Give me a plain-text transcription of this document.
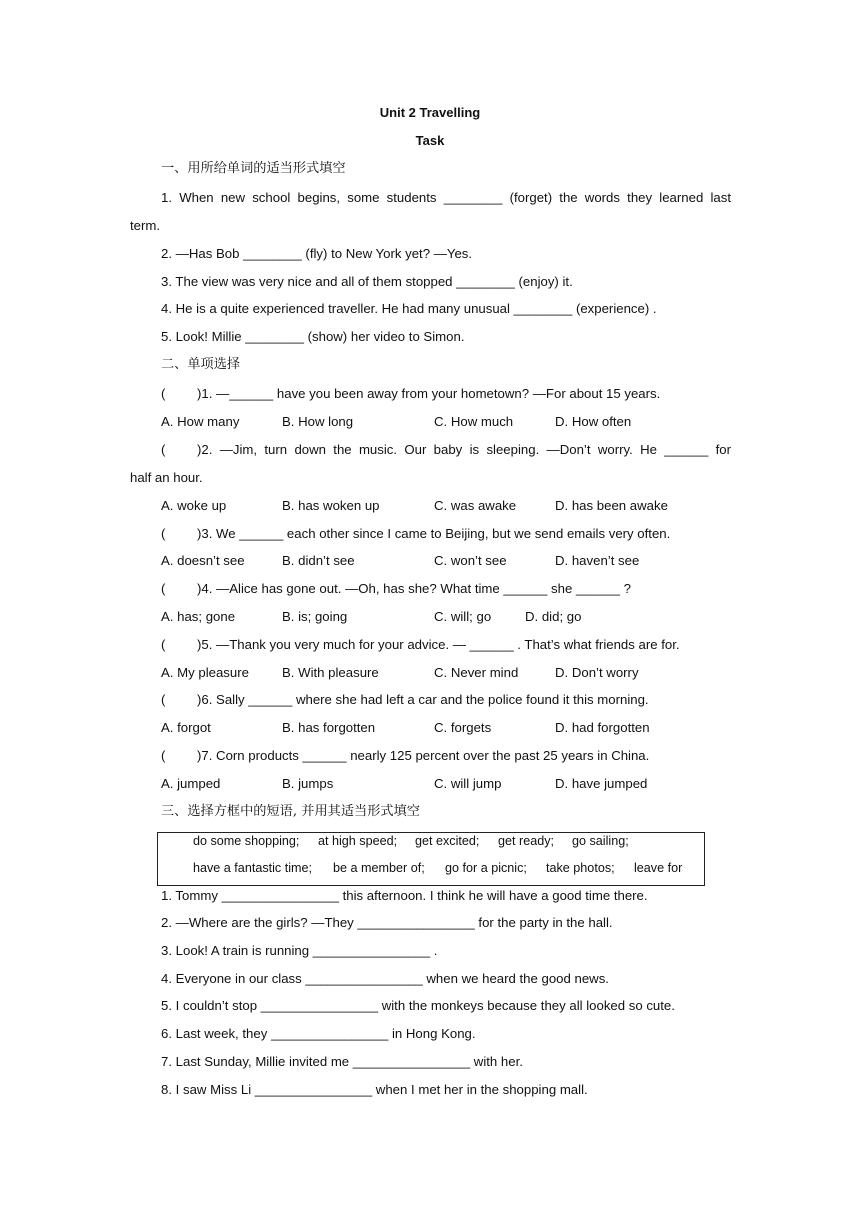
Unit 2 Travelling
Task
一、用所给单词的适当形式填空
1. When new school begins, some students ________ (forget) the words they learned last
term.
2. —Has Bob ________ (fly) to New York yet? —Yes.
3. The view was very nice and all of them stopped ________ (enjoy) it.
4. He is a quite experienced traveller. He had many unusual ________ (experience) .
5. Look! Millie ________ (show) her video to Simon.
二、单项选择
( )1. —______ have you been away from your hometown? —For about 15 years.
A. How many	B. How long	C. How much	D. How often
( )2. —Jim, turn down the music. Our baby is sleeping. —Don’t worry. He ______ for
half an hour.
A. woke up	B. has woken up	C. was awake	D. has been awake
( )3. We ______ each other since I came to Beijing, but we send emails very often.
A. doesn’t see	B. didn’t see	C. won’t see	D. haven’t see
( )4. —Alice has gone out. —Oh, has she? What time ______ she ______ ?
A. has; gone	B. is; going	C. will; go	D. did; go
( )5. —Thank you very much for your advice. — ______ . That’s what friends are for.
A. My pleasure	B. With pleasure	C. Never mind	D. Don’t worry
( )6. Sally ______ where she had left a car and the police found it this morning.
A. forgot	B. has forgotten	C. forgets	D. had forgotten
( )7. Corn products ______ nearly 125 percent over the past 25 years in China.
A. jumped	B. jumps	C. will jump	D. have jumped
三、选择方框中的短语, 并用其适当形式填空
do some shopping; at high speed; get excited; get ready; go sailing;
have a fantastic time; be a member of; go for a picnic; take photos; leave for
1. Tommy ________________ this afternoon. I think he will have a good time there.
2. —Where are the girls? —They ________________ for the party in the hall.
3. Look! A train is running ________________ .
4. Everyone in our class ________________ when we heard the good news.
5. I couldn’t stop ________________ with the monkeys because they all looked so cute.
6. Last week, they ________________ in Hong Kong.
7. Last Sunday, Millie invited me ________________ with her.
8. I saw Miss Li ________________ when I met her in the shopping mall.
